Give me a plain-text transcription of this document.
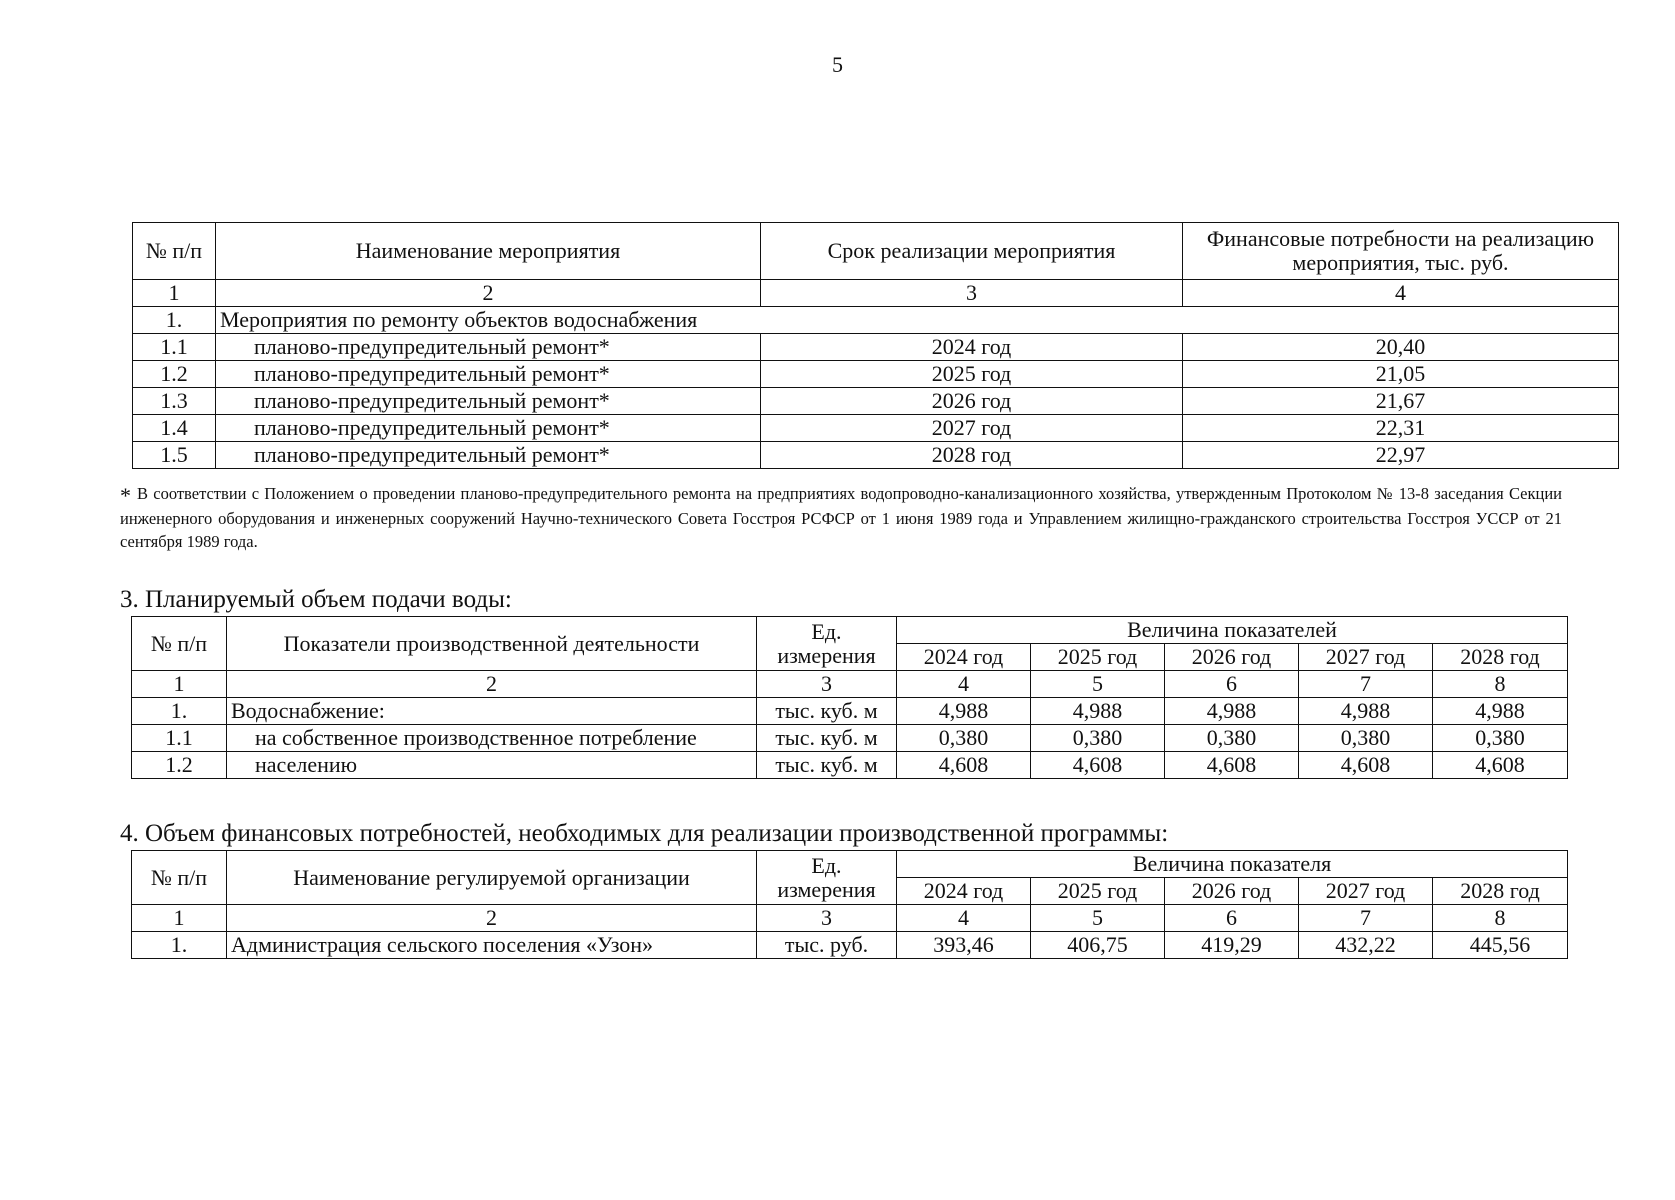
5
№ п/п	Наименование мероприятия	Срок реализации мероприятия	Финансовые потребности на реализацию мероприятия, тыс. руб.
1	2	3	4
1.	Мероприятия по ремонту объектов водоснабжения		
1.1	планово-предупредительный ремонт*	2024 год	20,40
1.2	планово-предупредительный ремонт*	2025 год	21,05
1.3	планово-предупредительный ремонт*	2026 год	21,67
1.4	планово-предупредительный ремонт*	2027 год	22,31
1.5	планово-предупредительный ремонт*	2028 год	22,97
* В соответствии с Положением о проведении планово-предупредительного ремонта на предприятиях водопроводно-канализационного хозяйства, утвержденным Протоколом № 13-8 заседания Секции инженерного оборудования и инженерных сооружений Научно-технического Совета Госстроя РСФСР от 1 июня 1989 года и Управлением жилищно-гражданского строительства Госстроя УССР от 21 сентября 1989 года.
3. Планируемый объем подачи воды:
№ п/п	Показатели производственной деятельности	Ед. измерения	Величина показателей				
			2024 год	2025 год	2026 год	2027 год	2028 год
1	2	3	4	5	6	7	8
1.	Водоснабжение:	тыс. куб. м	4,988	4,988	4,988	4,988	4,988
1.1	на собственное производственное потребление	тыс. куб. м	0,380	0,380	0,380	0,380	0,380
1.2	населению	тыс. куб. м	4,608	4,608	4,608	4,608	4,608
4. Объем финансовых потребностей, необходимых для реализации производственной программы:
№ п/п	Наименование регулируемой организации	Ед. измерения	Величина показателя				
			2024 год	2025 год	2026 год	2027 год	2028 год
1	2	3	4	5	6	7	8
1.	Администрация сельского поселения «Узон»	тыс. руб.	393,46	406,75	419,29	432,22	445,56
